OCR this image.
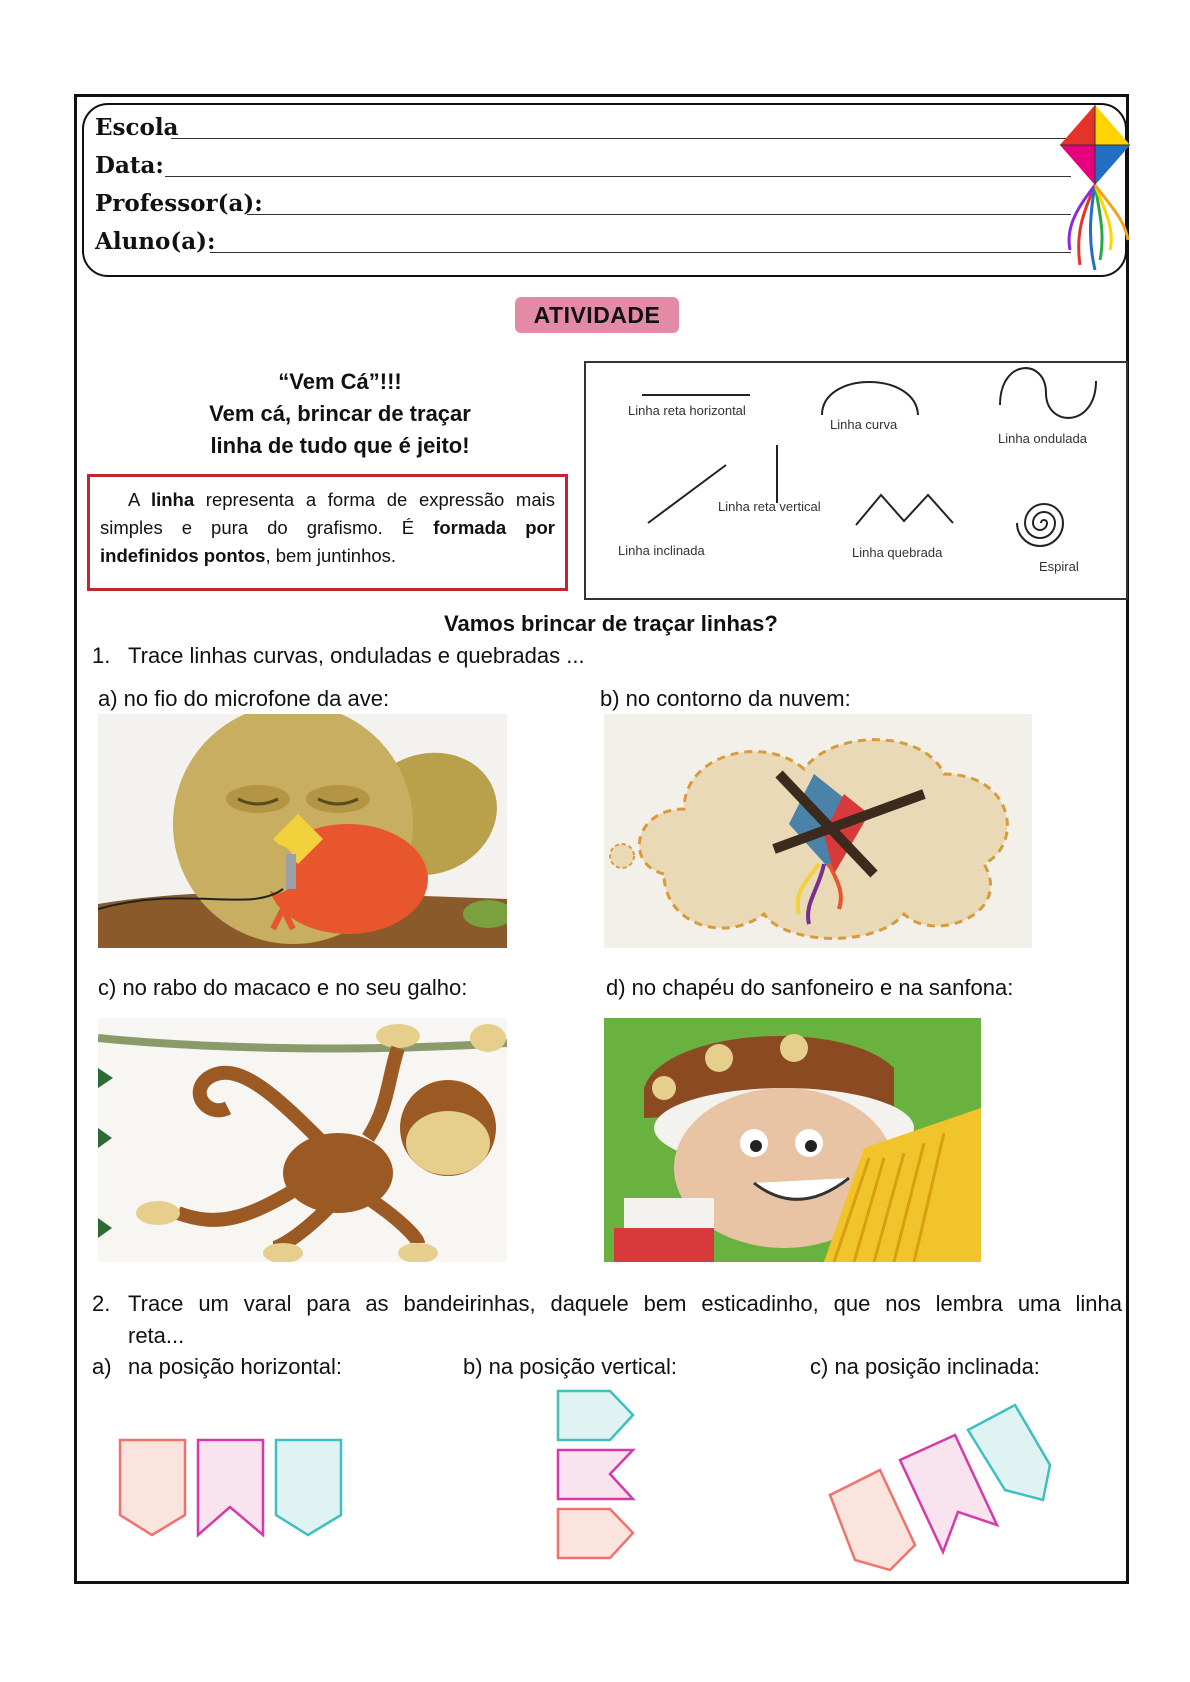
Escola
Data:
Professor(a):
Aluno(a):
ATIVIDADE
“Vem Cá”!!!
Vem cá, brincar de traçar
linha de tudo que é jeito!
A linha representa a forma de expressão mais simples e pura do grafismo. É formada por indefinidos pontos, bem juntinhos.
Linha reta horizontal
Linha curva
Linha ondulada
Linha reta vertical
Linha inclinada	Linha quebrada
Espiral
Vamos brincar de traçar linhas?
1. Trace linhas curvas, onduladas e quebradas ...
a) no fio do microfone da ave:	b) no contorno da nuvem:
c) no rabo do macaco e no seu galho:	d) no chapéu do sanfoneiro e na sanfona:
2. Trace um varal para as bandeirinhas, daquele bem esticadinho, que nos lembra uma linha
reta...
a) na posição horizontal:	b) na posição vertical:	c) na posição inclinada:
